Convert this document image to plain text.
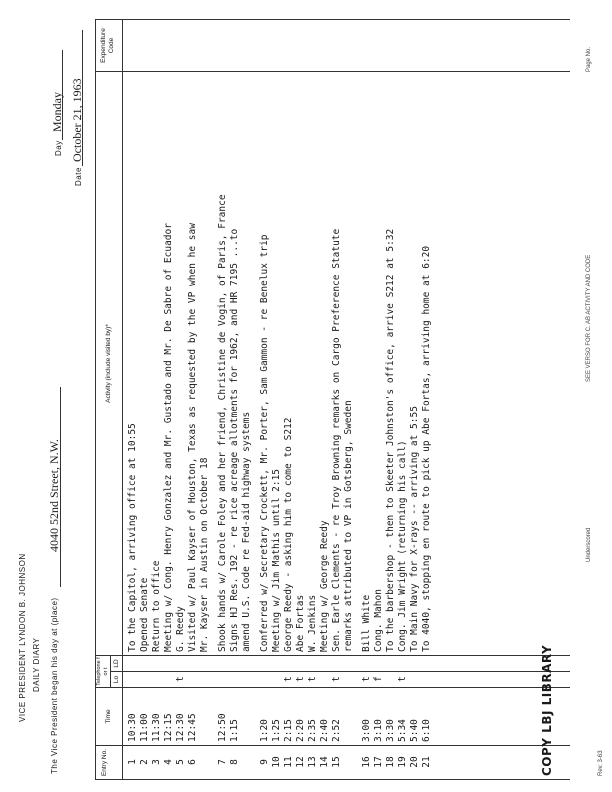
VICE PRESIDENT LYNDON B. JOHNSON DAILY DIARY The Vice President began his day at (place)
4040 52nd Street, N.W.
Day
Monday
Date
October 21, 1963
Entry No.
Time
Telephone f or t
Lo
LD
Activity (include visited by)*
Expenditure Code
1
10:30
To the Capitol, arriving office at 10:55
2
11:00
Opened Senate
3
11:30
Return to office
4
12:15
Meeting w/ Cong. Henry Gonzalez and Mr. Gustado and Mr. De Sabre of Ecuador
5
12:30
t
G. Reedy
6
12:45
Visited w/ Paul Kayser of Houston, Texas as requested by the VP when he saw Mr. Kayser in Austin on October 18
7
12:50
Shook hands w/ Carole Foley and her friend, Christine de Vogin, of Paris, France
8
1:15
Signs HJ Res. 192 - re rice acreage allotments for 1962, and HR 7195 ...to amend U.S. Code re Fed-aid highway systems
9
1:20
Conferred w/ Secretary Crockett, Mr. Porter, Sam Gammon - re Benelux trip
10
1:25
Meeting w/ Jim Mathis until 2:15
11
2:15
t
George Reedy - asking him to come to S212
12
2:20
t
Abe Fortas
13
2:35
t
W. Jenkins
14
2:40
Meeting w/ George Reedy
15
2:52
t
Sen. Earle Clements - re Troy Browning remarks on Cargo Preference Statute remarks attributed to VP in Gotsberg, Sweden
16
3:00
t
Bill White
17
3:10
f
Cong. Mahon
18
3:30
To the barbershop - then to Skeeter Johnston's office, arrive S212 at 5:32
19
5:34
t
Cong. Jim Wright (returning his call)
20
5:40
To Main Navy for X-rays -- arriving at 5:55
21
6:10
To 4040, stopping en route to pick up Abe Fortas, arriving home at 6:20
COPY LBJ LIBRARY	Rev. 3-63
Underscored
SEE VERSO FOR C. AB ACTIVITY AND CODE
Page No.
